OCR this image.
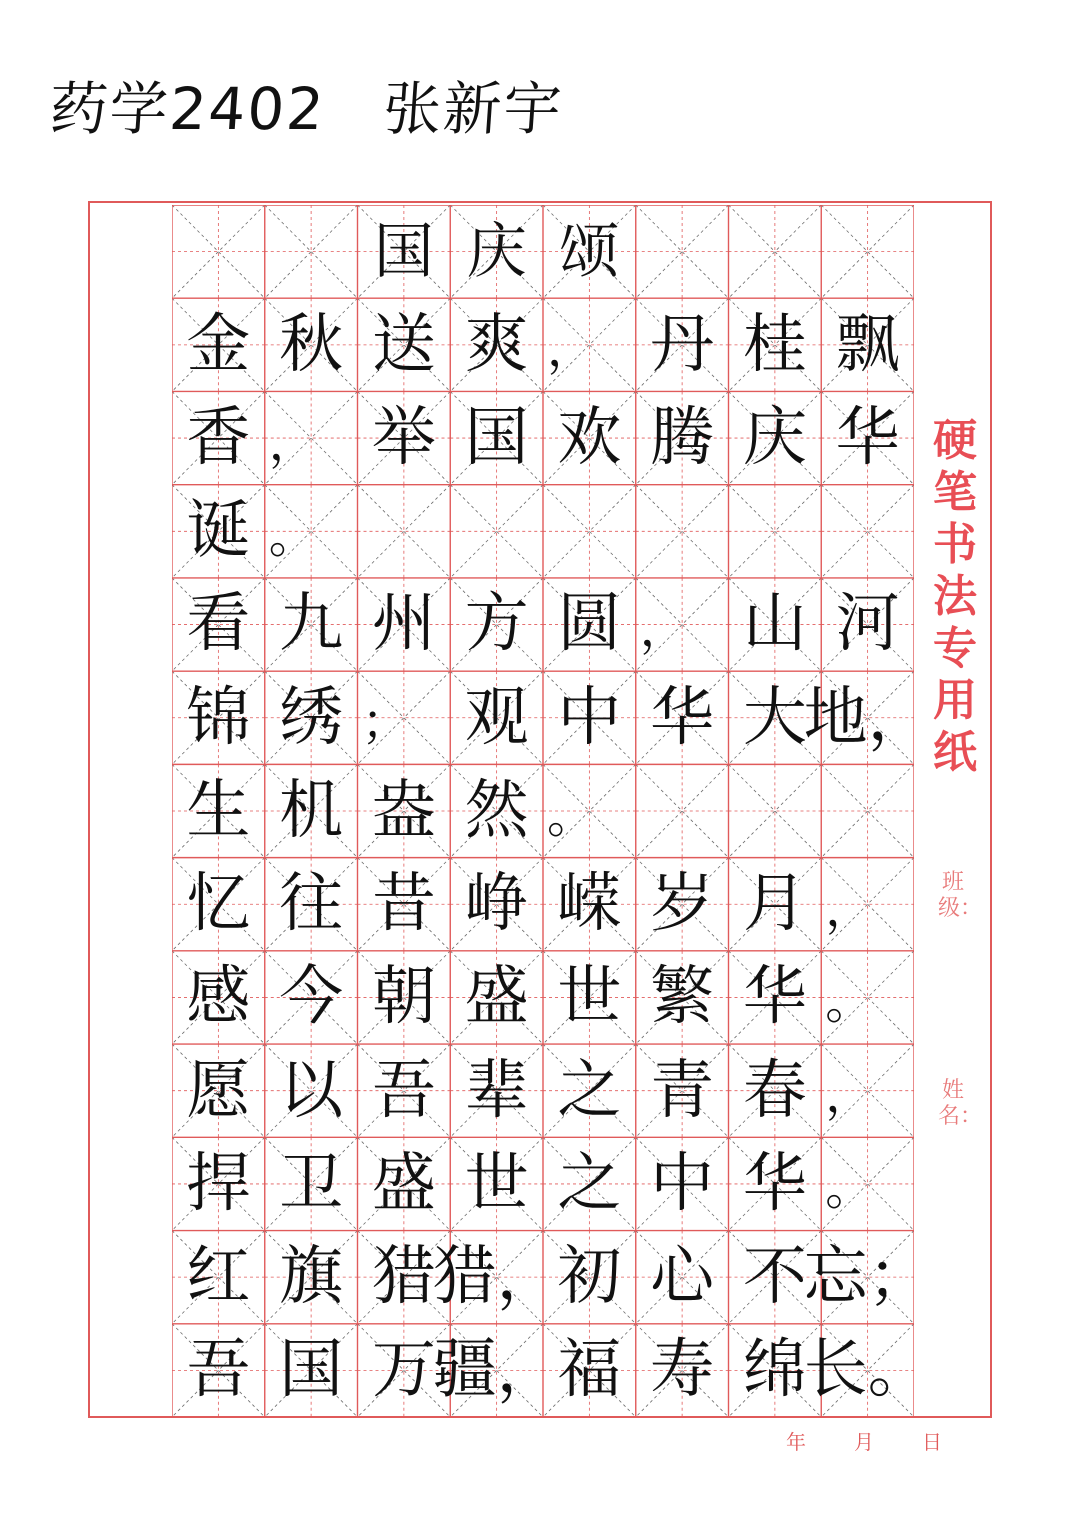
药学2402 张新宇
国 庆 颂
金 秋 送 爽 ， 丹 桂 飘
香 ， 举 国 欢 腾 庆 华
诞 。
看 九 州 方 圆 ， 山 河
锦 绣 ； 观 中 华 大
地，
生 机 盎 然 。
忆 往 昔 峥 嵘 岁 月 ，
感 今 朝 盛 世 繁 华 。
愿 以 吾 辈 之 青 春 ，
捍 卫 盛 世 之 中 华 。
红 旗 猎
猎，
初 心 不
忘；
吾 国 万
疆，
福 寿 绵
长。
硬笔书法专用纸
班级：
姓名：
年 月 日
